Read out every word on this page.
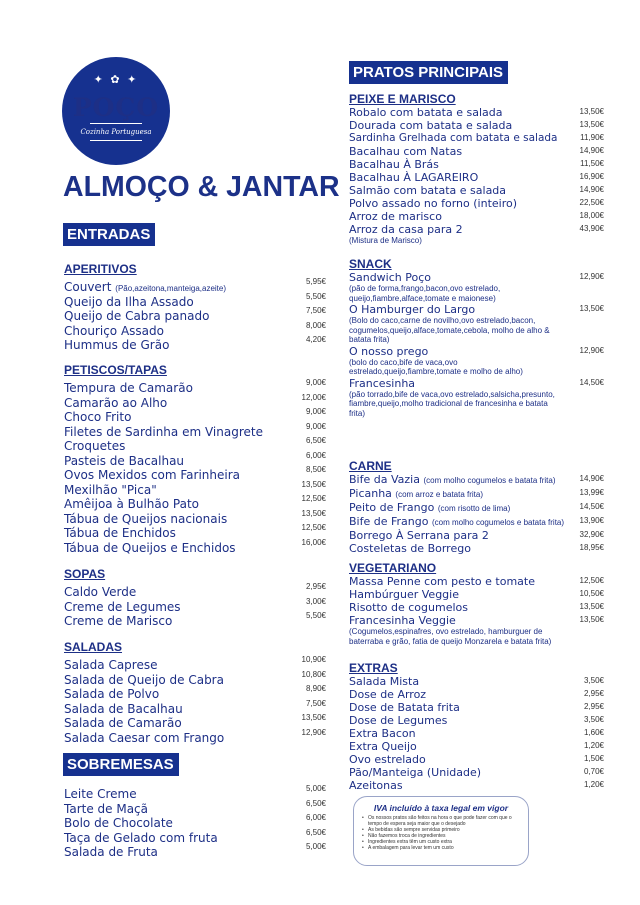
✦ ✿ ✦
POÇO
Cozinha Portuguesa
ALMOÇO & JANTAR
ENTRADAS
APERITIVOS
Couvert (Pão,azeitona,manteiga,azeite)
5,95€
Queijo da Ilha Assado	5,50€
Queijo de Cabra panado	7,50€
Chouriço Assado	8,00€
Hummus de Grão	4,20€
PETISCOS/TAPAS
Tempura de Camarão	9,00€
Camarão ao Alho	12,00€
Choco Frito	9,00€
Filetes de Sardinha em Vinagrete	9,00€
Croquetes	6,50€
Pasteis de Bacalhau	6,00€
Ovos Mexidos com Farinheira	8,50€
Mexilhão "Pica"	13,50€
Amêijoa à Bulhão Pato	12,50€
Tábua de Queijos nacionais	13,50€
Tábua de Enchidos	12,50€
Tábua de Queijos e Enchidos	16,00€
SOPAS
Caldo Verde	2,95€
Creme de Legumes	3,00€
Creme de Marisco	5,50€
SALADAS
Salada Caprese	10,90€
Salada de Queijo de Cabra	10,80€
Salada de Polvo	8,90€
Salada de Bacalhau	7,50€
Salada de Camarão	13,50€
Salada Caesar com Frango	12,90€
SOBREMESAS
Leite Creme	5,00€
Tarte de Maçã	6,50€
Bolo de Chocolate	6,00€
Taça de Gelado com fruta	6,50€
Salada de Fruta	5,00€
PRATOS PRINCIPAIS
PEIXE E MARISCO
Robalo com batata e salada	13,50€
Dourada com batata e salada	13,50€
Sardinha Grelhada com batata e salada	11,90€
Bacalhau com Natas	14,90€
Bacalhau À Brás	11,50€
Bacalhau À LAGAREIRO	16,90€
Salmão com batata e salada	14,90€
Polvo assado no forno (inteiro)	22,50€
Arroz de marisco	18,00€
Arroz da casa para 2
(Mistura de Marisco)
43,90€
SNACK
Sandwich Poço
(pão de forma,frango,bacon,ovo estrelado, queijo,fiambre,alface,tomate e maionese)
12,90€
O Hamburger do Largo
(Bolo do caco,carne de novilho,ovo estrelado,bacon, cogumelos,queijo,alface,tomate,cebola, molho de alho & batata frita)
13,50€
O nosso prego
(bolo do caco,bife de vaca,ovo estrelado,queijo,fiambre,tomate e molho de alho)
12,90€
Francesinha
(pão torrado,bife de vaca,ovo estrelado,salsicha,presunto, fiambre,queijo,molho tradicional de francesinha e batata frita)
14,50€
CARNE
Bife da Vazia (com molho cogumelos e batata frita)	14,90€
Picanha (com arroz e batata frita)	13,99€
Peito de Frango (com risotto de lima)	14,50€
Bife de Frango (com molho cogumelos e batata frita) 13,90€
Borrego À Serrana para 2	32,90€
Costeletas de Borrego	18,95€
VEGETARIANO
Massa Penne com pesto e tomate	12,50€
Hambúrguer Veggie	10,50€
Risotto de cogumelos	13,50€
Francesinha Veggie
(Cogumelos,espinafres, ovo estrelado, hamburguer de baterraba e grão, fatia de queijo Monzarela e batata frita)
13,50€
EXTRAS
Salada Mista	3,50€
Dose de Arroz	2,95€
Dose de Batata frita	2,95€
Dose de Legumes	3,50€
Extra Bacon	1,60€
Extra Queijo	1,20€
Ovo estrelado	1,50€
Pão/Manteiga (Unidade)	0,70€
Azeitonas	1,20€
IVA incluído à taxa legal em vigor
• Os nossos pratos são feitos na hora o que pode fazer com que o tempo de espera seja maior que o desejado
• As bebidas são sempre servidas primeiro
• Não fazemos troca de ingredientes
• Ingredientes extra têm um custo extra
• A embalagem para levar tem um custo
